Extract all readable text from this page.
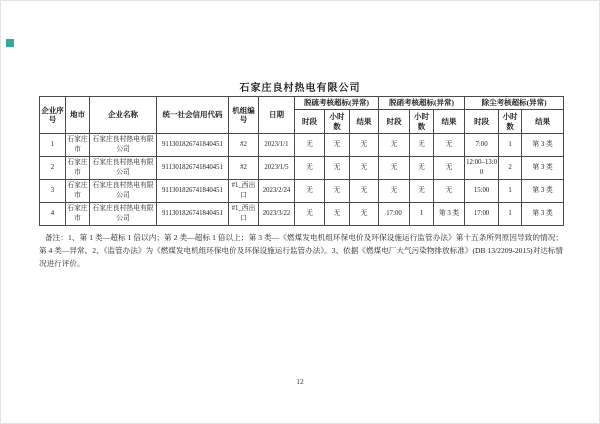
石家庄良村热电有限公司
企业序号	地市	企业名称	统一社会信用代码	机组编号	日期	脱硫考核超标(异常)			脱硝考核超标(异常)			除尘考核超标(异常)		
						时段	小时数	结果	时段	小时数	结果	时段	小时数	结果
1	石家庄市	石家庄良村热电有限公司	911301826741840451	#2	2023/1/1	无	无	无	无	无	无	7:00	1	第 3 类
2	石家庄市	石家庄良村热电有限公司	911301826741840451	#2	2023/1/5	无	无	无	无	无	无	12:00–13:00	2	第 3 类
3	石家庄市	石家庄良村热电有限公司	911301826741840451	#1_西出口	2023/2/24	无	无	无	无	无	无	15:00	1	第 3 类
4	石家庄市	石家庄良村热电有限公司	911301826741840451	#1_西出口	2023/3/22	无	无	无	17:00	1	第 3 类	17:00	1	第 3 类

备注：1、第 1 类—超标 1 倍以内；第 2 类—超标 1 倍以上；第 3 类—《燃煤发电机组环保电价及环保设施运行监管办法》第十五条所列原因导致的情况；第 4 类—异常。2、《监管办法》为《燃煤发电机组环保电价及环保设施运行监管办法》。3、依据《燃煤电厂大气污染物排放标准》(DB 13/2209-2015)对达标情况进行评价。

12
